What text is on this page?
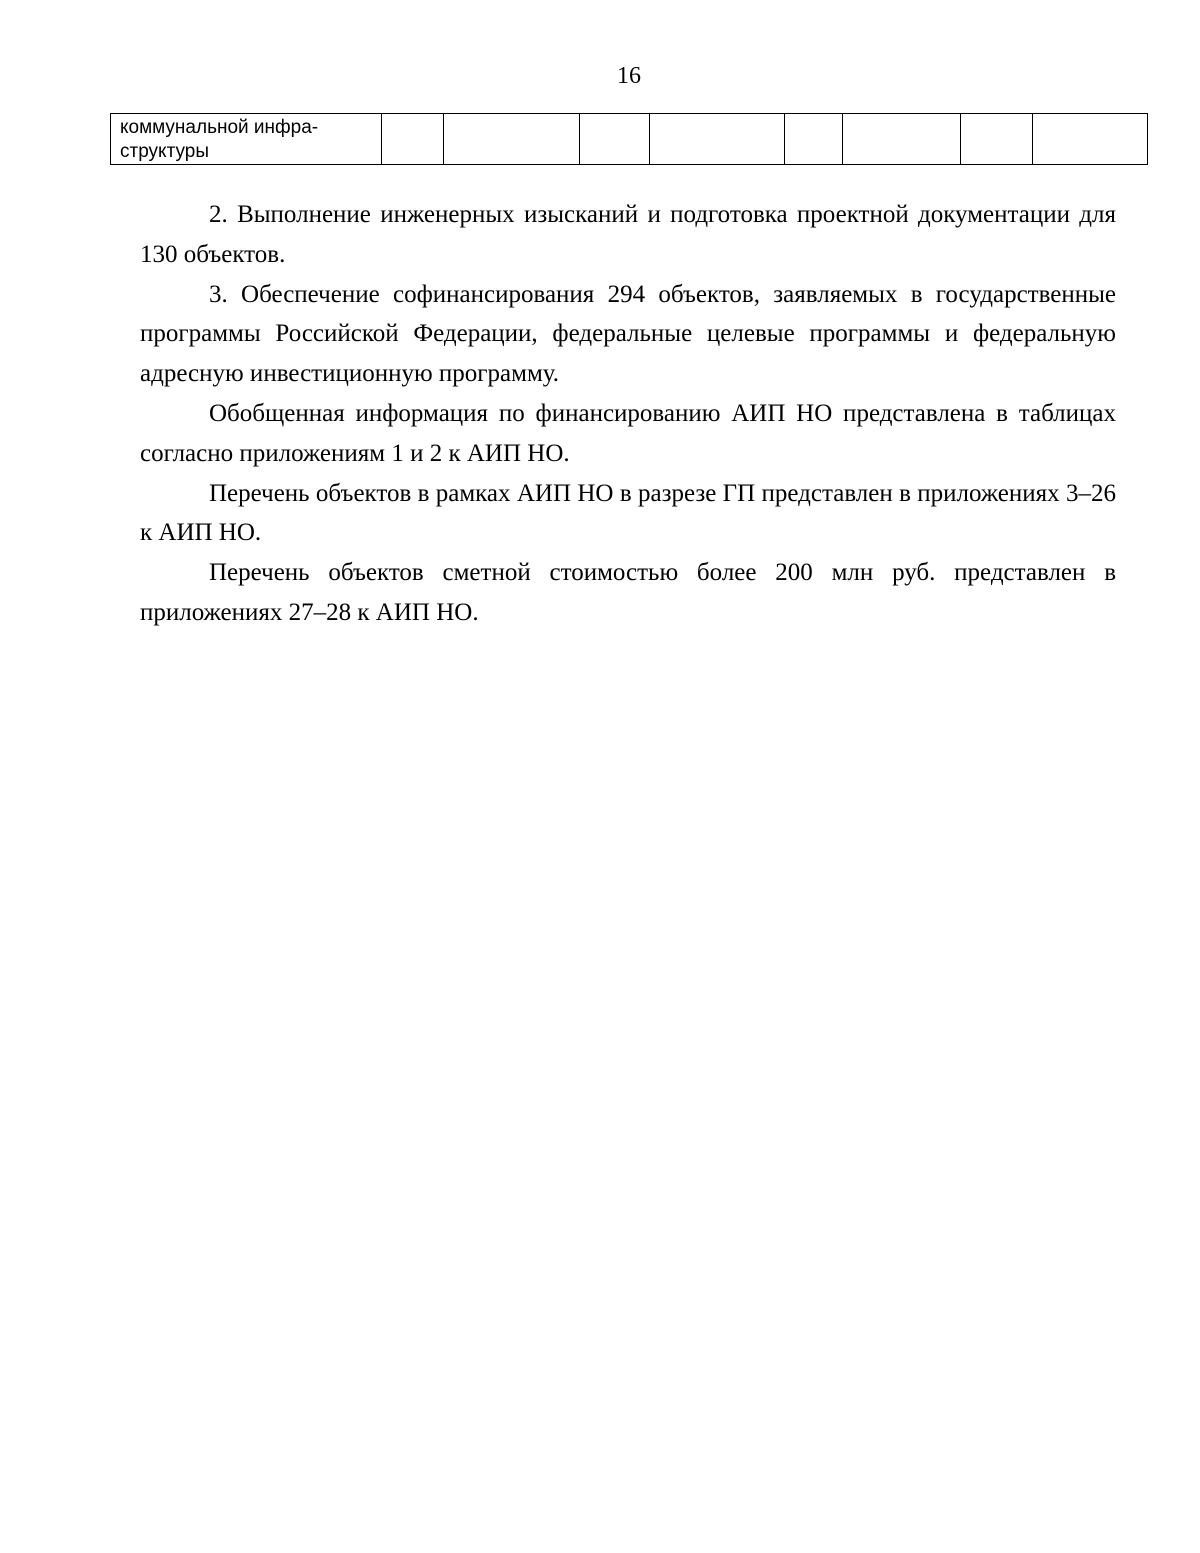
16
коммунальной инфра-
структуры								

2. Выполнение инженерных изысканий и подготовка проектной документации для 130 объектов.

3. Обеспечение софинансирования 294 объектов, заявляемых в государственные программы Российской Федерации, федеральные целевые программы и федеральную адресную инвестиционную программу.

Обобщенная информация по финансированию АИП НО представлена в таблицах согласно приложениям 1 и 2 к АИП НО.

Перечень объектов в рамках АИП НО в разрезе ГП представлен в приложениях 3–26 к АИП НО.

Перечень объектов сметной стоимостью более 200 млн руб. представлен в приложениях 27–28 к АИП НО.
